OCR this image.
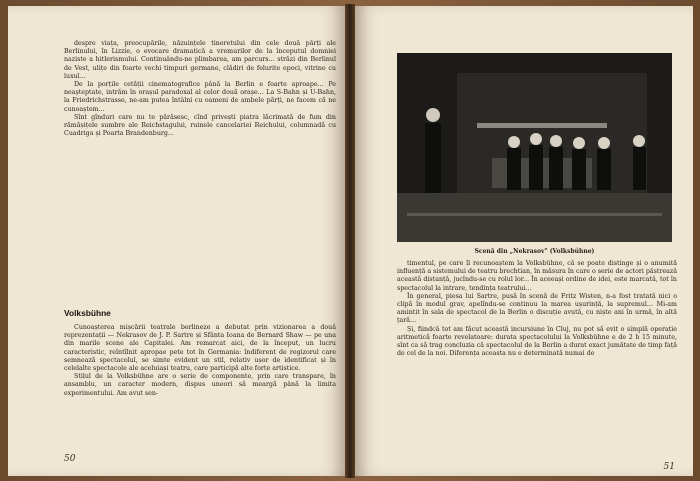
despre viața, preocupările, năzuințele tineretului din cele două părți ale Berlinului, în Lizzie, o evocare dramatică a vremurilor de la începutul domniei naziste a hitlerismului. Continuându-ne plimbarea, am parcurs... străzi din Berlinul de Vest, ulițe din foarte vechi timpuri germane, clădiri de felurite epoci, vitrine cu luxul...

De la porțile cetății cinematografice până la Berlin e foarte aproape... Pe neașteptate, intrăm în orașul paradoxal al celor două orașe... La S-Bahn și U-Bahn, la Friedrichstrasse, ne-am putea întâlni cu oameni de ambele părți, ne facem că ne cunoaștem...

Sînt gînduri care nu te părăsesc, cînd privești piatra lăcrimată de fum din rămășițele sumbre ale Reichstagului, ruinele cancelariei Reichului, columnadă cu Cuadriga și Poarta Brandenburg...

Volksbühne

Cunoașterea mișcării teatrale berlineze a debutat prin vizionarea a două reprezentații — Nekrasov de J. P. Sartre și Sfânta Ioana de Bernard Shaw — pe una din marile scene ale Capitalei. Am remarcat aici, de la început, un lucru caracteristic, reîntîlnit apropae pete tot în Germania: îndiferent de regizorul care semnează spectacolul, se simte evident un stil, relativ ușor de identificat și în celelalte spectacole ale aceluiași teatru, care participă alte forte artistice.

Stilul de la Volksbühne are o serie de componente, prin care transpare, în ansamblu, un caracter modern, dispus uneori să meargă până la limita experimentului. Am avut sen-

50
Scenă din „Nekrasov" (Volksbühne)

timentul, pe care îl recunoaștem la Volksbühne, că se poate distinge și o anumită influență a sistemului de teatru brechtian, în măsura în care o serie de actori păstrează această distanță, jucîndu-se cu rolul lor... În aceeași ordine de idei, este marcată, tot în spectacolul la intrare, tendința teatrului...

În general, piesa lui Sartre, pusă în scenă de Fritz Wisten, n-a fost tratată nici o clipă în modul grav, apelîndu-se continuu la marea ușurință, la supremul... Mi-am amintit în sala de spectacol de la Berlin o discuție avută, cu niște ani în urmă, în altă țară...

Și, fiindcă tot am făcut această incursiune în Cluj, nu pot să evit o simplă operație aritmetică foarte revelatoare: durata spectacolului la Volksbühne e de 2 h 15 minute, sînt ca să trag concluzia că spectacolul de la Berlin a durat exact jumătate de timp față de cel de la noi. Diferența aceasta nu e determinată numai de

51
